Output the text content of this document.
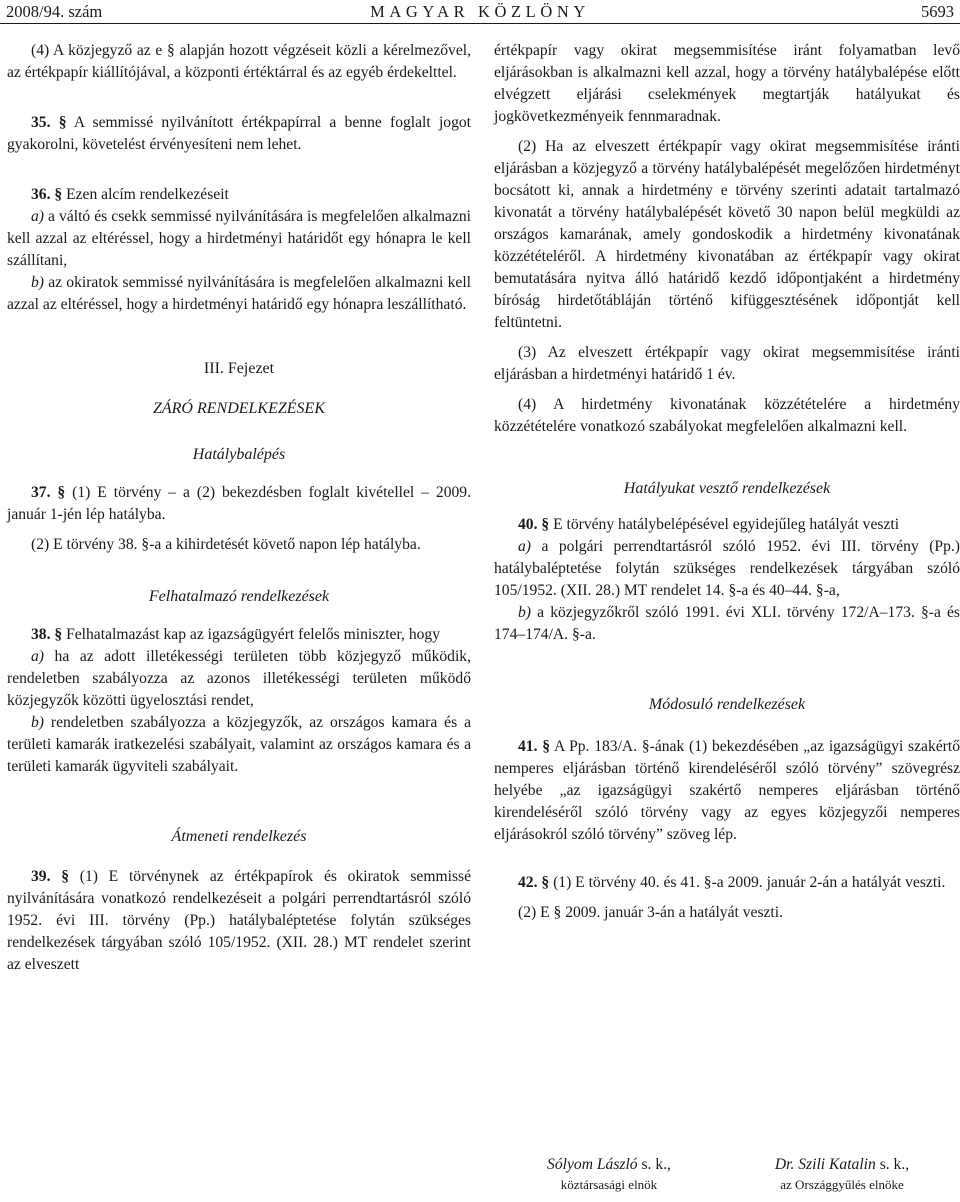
2008/94. szám	MAGYAR KÖZLÖNY	5693

(4) A közjegyző az e § alapján hozott végzéseit közli a kérelmezővel, az értékpapír kiállítójával, a központi értéktárral és az egyéb érdekelttel.

35. § A semmissé nyilvánított értékpapírral a benne foglalt jogot gyakorolni, követelést érvényesíteni nem lehet.

36. § Ezen alcím rendelkezéseit

a) a váltó és csekk semmissé nyilvánítására is megfelelően alkalmazni kell azzal az eltéréssel, hogy a hirdetményi határidőt egy hónapra le kell szállítani,

b) az okiratok semmissé nyilvánítására is megfelelően alkalmazni kell azzal az eltéréssel, hogy a hirdetményi határidő egy hónapra leszállítható.

III. Fejezet
ZÁRÓ RENDELKEZÉSEK
Hatálybalépés

37. § (1) E törvény – a (2) bekezdésben foglalt kivétellel – 2009. január 1-jén lép hatályba.

(2) E törvény 38. §-a a kihirdetését követő napon lép hatályba.

Felhatalmazó rendelkezések

38. § Felhatalmazást kap az igazságügyért felelős miniszter, hogy

a) ha az adott illetékességi területen több közjegyző működik, rendeletben szabályozza az azonos illetékességi területen működő közjegyzők közötti ügyelosztási rendet,

b) rendeletben szabályozza a közjegyzők, az országos kamara és a területi kamarák iratkezelési szabályait, valamint az országos kamara és a területi kamarák ügyviteli szabályait.

Átmeneti rendelkezés

39. § (1) E törvénynek az értékpapírok és okiratok semmissé nyilvánítására vonatkozó rendelkezéseit a polgári perrendtartásról szóló 1952. évi III. törvény (Pp.) hatálybaléptetése folytán szükséges rendelkezések tárgyában szóló 105/1952. (XII. 28.) MT rendelet szerint az elveszett

értékpapír vagy okirat megsemmisítése iránt folyamatban levő eljárásokban is alkalmazni kell azzal, hogy a törvény hatálybalépése előtt elvégzett eljárási cselekmények megtartják hatályukat és jogkövetkezményeik fennmaradnak.

(2) Ha az elveszett értékpapír vagy okirat megsemmisítése iránti eljárásban a közjegyző a törvény hatálybalépését megelőzően hirdetményt bocsátott ki, annak a hirdetmény e törvény szerinti adatait tartalmazó kivonatát a törvény hatálybalépését követő 30 napon belül megküldi az országos kamarának, amely gondoskodik a hirdetmény kivonatának közzétételéről. A hirdetmény kivonatában az értékpapír vagy okirat bemutatására nyitva álló határidő kezdő időpontjaként a hirdetmény bíróság hirdetőtábláján történő kifüggesztésének időpontját kell feltüntetni.

(3) Az elveszett értékpapír vagy okirat megsemmisítése iránti eljárásban a hirdetményi határidő 1 év.

(4) A hirdetmény kivonatának közzétételére a hirdetmény közzétételére vonatkozó szabályokat megfelelően alkalmazni kell.

Hatályukat vesztő rendelkezések

40. § E törvény hatálybelépésével egyidejűleg hatályát veszti

a) a polgári perrendtartásról szóló 1952. évi III. törvény (Pp.) hatálybaléptetése folytán szükséges rendelkezések tárgyában szóló 105/1952. (XII. 28.) MT rendelet 14. §-a és 40–44. §-a,

b) a közjegyzőkről szóló 1991. évi XLI. törvény 172/A–173. §-a és 174–174/A. §-a.

Módosuló rendelkezések

41. § A Pp. 183/A. §-ának (1) bekezdésében „az igazságügyi szakértő nemperes eljárásban történő kirendeléséről szóló törvény” szövegrész helyébe „az igazságügyi szakértő nemperes eljárásban történő kirendeléséről szóló törvény vagy az egyes közjegyzői nemperes eljárásokról szóló törvény” szöveg lép.

42. § (1) E törvény 40. és 41. §-a 2009. január 2-án a hatályát veszti.

(2) E § 2009. január 3-án a hatályát veszti.

Sólyom László s. k.,
köztársasági elnök
Dr. Szili Katalin s. k.,
az Országgyűlés elnöke
